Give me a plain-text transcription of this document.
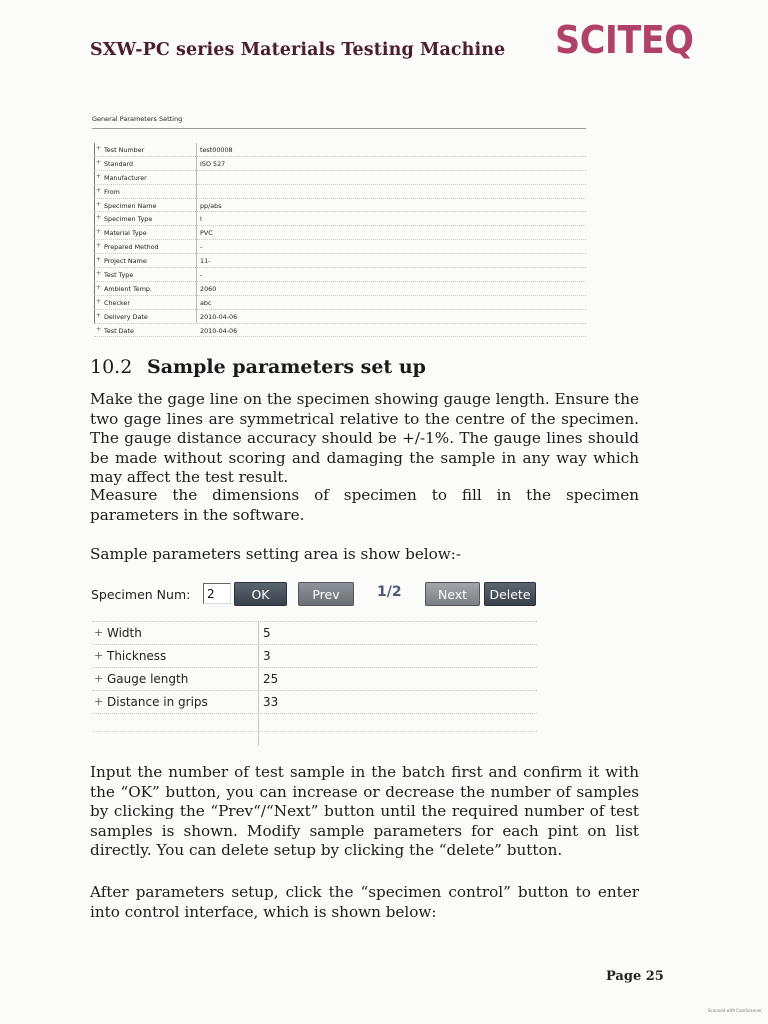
SXW-PC series Materials Testing Machine SCITEQ
General Parameters Setting
+ Test Number	test00008
+ Standard	ISO 527
+ Manufacturer
+ From
+ Specimen Name	pp/abs
+ Specimen Type	I
+ Material Type	PVC
+ Prepared Method	-
+ Project Name	11-
+ Test Type	-
+ Ambient Temp.	2060
+ Checker	abc
+ Delivery Date	2010-04-06
+ Test Date	2010-04-06
10.2 Sample parameters set up
Make the gage line on the specimen showing gauge length. Ensure the two gage lines are symmetrical relative to the centre of the specimen. The gauge distance accuracy should be +/-1%. The gauge lines should be made without scoring and damaging the sample in any way which may affect the test result.
Measure the dimensions of specimen to fill in the specimen parameters in the software.
Sample parameters setting area is show below:-
Specimen Num:	2	OK	Prev	1/2	Next	Delete
+ Width	5
+ Thickness	3
+ Gauge length	25
+ Distance in grips	33
Input the number of test sample in the batch first and confirm it with the “OK” button, you can increase or decrease the number of samples by clicking the “Prev“/“Next” button until the required number of test samples is shown. Modify sample parameters for each pint on list directly. You can delete setup by clicking the “delete” button.
After parameters setup, click the “specimen control” button to enter into control interface, which is shown below:
Page 25
Scanned with CamScanner
